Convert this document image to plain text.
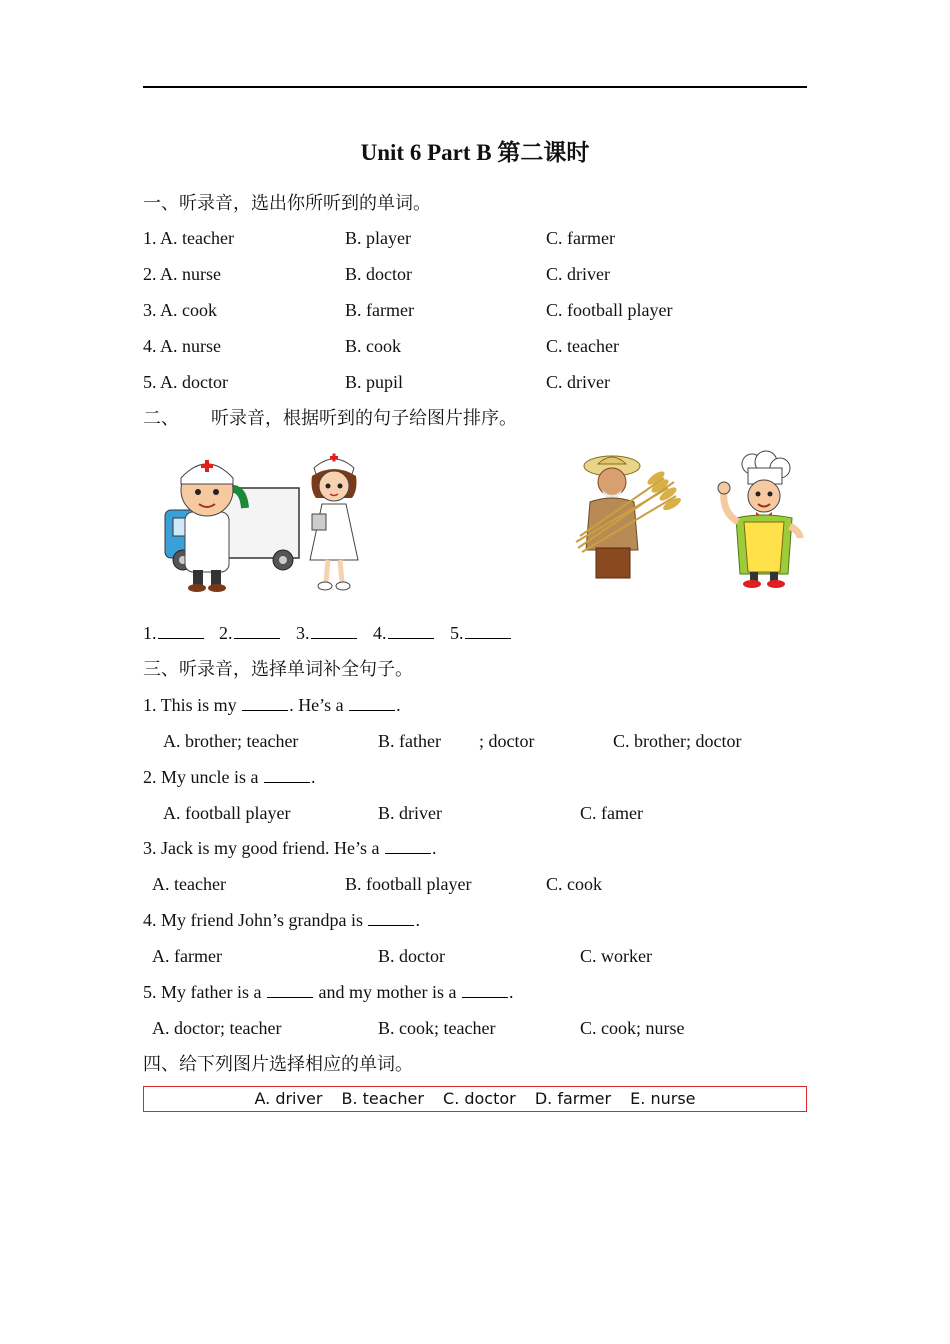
Unit 6 Part B 第二课时
一、听录音，选出你所听到的单词。
1. A. teacher	B. player	C. farmer
2. A. nurse	B. doctor	C. driver
3. A. cook	B. farmer	C. football player
4. A. nurse	B. cook	C. teacher
5. A. doctor	B. pupil	C. driver
二、 听录音，根据听到的句子给图片排序。
1.	2.	3.	4.	5.
三、听录音，选择单词补全句子。
1. This is my	. He’s a	.
A. brother; teacher	B. father ; doctor	C. brother; doctor
2. My uncle is a	.
A. football player	B. driver	C. famer
3. Jack is my good friend. He’s a	.
A. teacher	B. football player	C. cook
4. My friend John’s grandpa is	.
A. farmer	B. doctor	C. worker
5. My father is a	and my mother is a	.
A. doctor; teacher	B. cook; teacher	C. cook; nurse
四、给下列图片选择相应的单词。
A. driver B. teacher C. doctor D. farmer E. nurse
